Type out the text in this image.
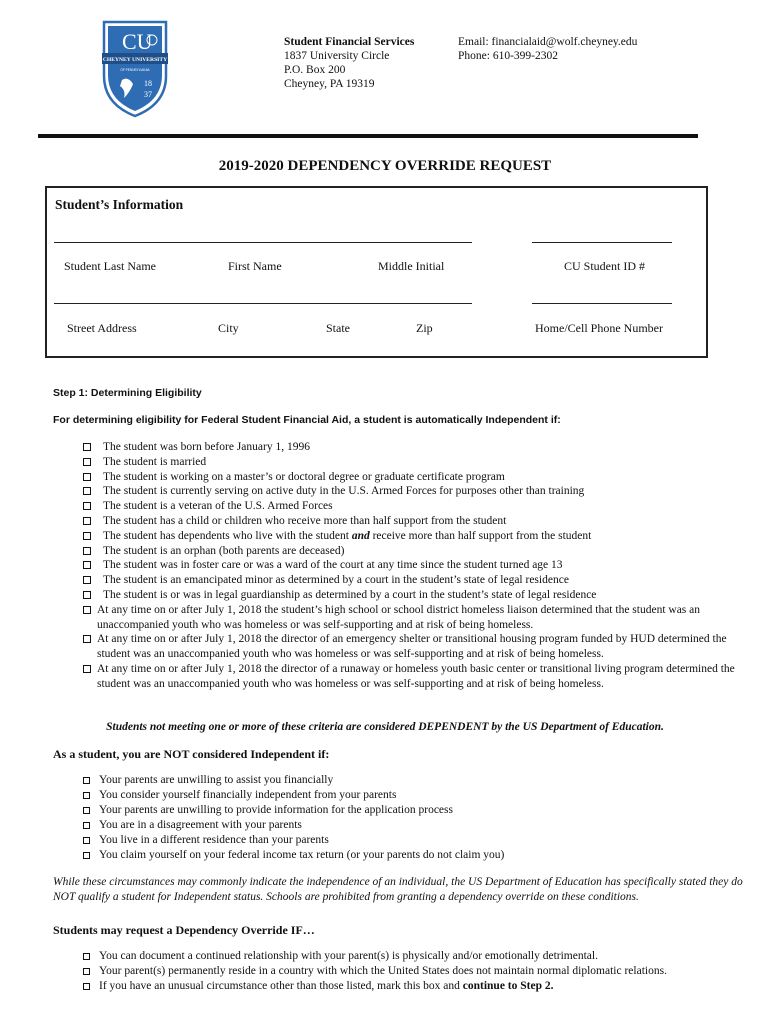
CU
CHEYNEY UNIVERSITY
OF PENNSYLVANIA
18
37
Student Financial Services
1837 University Circle
P.O. Box 200
Cheyney, PA 19319
Email: financialaid@wolf.cheyney.edu
Phone: 610-399-2302
2019-2020 DEPENDENCY OVERRIDE REQUEST
Student’s Information
Student Last Name	First Name	Middle Initial	CU Student ID #
Street Address	City	State	Zip	Home/Cell Phone Number
Step 1: Determining Eligibility
For determining eligibility for Federal Student Financial Aid, a student is automatically Independent if:
The student was born before January 1, 1996
The student is married
The student is working on a master’s or doctoral degree or graduate certificate program
The student is currently serving on active duty in the U.S. Armed Forces for purposes other than training
The student is a veteran of the U.S. Armed Forces
The student has a child or children who receive more than half support from the student
The student has dependents who live with the student and receive more than half support from the student
The student is an orphan (both parents are deceased)
The student was in foster care or was a ward of the court at any time since the student turned age 13
The student is an emancipated minor as determined by a court in the student’s state of legal residence
The student is or was in legal guardianship as determined by a court in the student’s state of legal residence
At any time on or after July 1, 2018 the student’s high school or school district homeless liaison determined that the student was an unaccompanied youth who was homeless or was self-supporting and at risk of being homeless.
At any time on or after July 1, 2018 the director of an emergency shelter or transitional housing program funded by HUD determined the student was an unaccompanied youth who was homeless or was self-supporting and at risk of being homeless.
At any time on or after July 1, 2018 the director of a runaway or homeless youth basic center or transitional living program determined the student was an unaccompanied youth who was homeless or was self-supporting and at risk of being homeless.
Students not meeting one or more of these criteria are considered DEPENDENT by the US Department of Education.
As a student, you are NOT considered Independent if:
Your parents are unwilling to assist you financially
You consider yourself financially independent from your parents
Your parents are unwilling to provide information for the application process
You are in a disagreement with your parents
You live in a different residence than your parents
You claim yourself on your federal income tax return (or your parents do not claim you)
While these circumstances may commonly indicate the independence of an individual, the US Department of Education has specifically stated they do NOT qualify a student for Independent status. Schools are prohibited from granting a dependency override on these conditions.
Students may request a Dependency Override IF…
You can document a continued relationship with your parent(s) is physically and/or emotionally detrimental.
Your parent(s) permanently reside in a country with which the United States does not maintain normal diplomatic relations.
If you have an unusual circumstance other than those listed, mark this box and continue to Step 2.
